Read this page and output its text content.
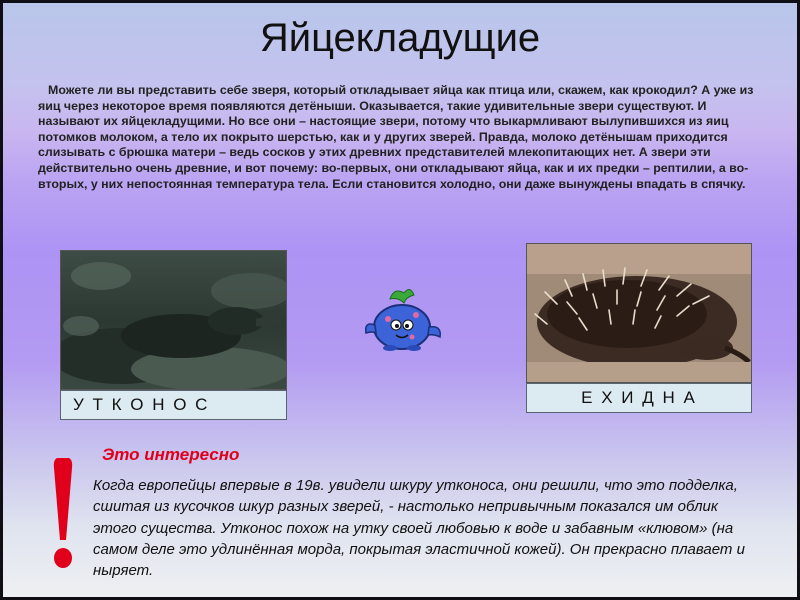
Яйцекладущие

Можете ли вы представить себе зверя, который откладывает яйца как птица или, скажем, как крокодил? А уже из яиц через некоторое время появляются детёныши. Оказывается, такие удивительные звери существуют. И называют их яйцекладущими. Но все они – настоящие звери, потому что выкармливают вылупившихся из яиц потомков молоком, а тело их покрыто шерстью, как и у других зверей. Правда, молоко детёнышам приходится слизывать с брюшка матери – ведь сосков у этих древних представителей млекопитающих нет. А звери эти действительно очень древние, и вот почему: во-первых, они откладывают яйца, как и их предки – рептилии, а во-вторых, у них непостоянная температура тела. Если становится холодно, они даже вынуждены впадать в спячку.

У Т К О Н О С	Е Х И Д Н А
Это интересно

Когда европейцы впервые в 19в. увидели шкуру утконоса, они решили, что это подделка, сшитая из кусочков шкур разных зверей, - настолько непривычным показался им облик этого существа. Утконос похож на утку своей любовью к воде и забавным «клювом» (на самом деле это удлинённая морда, покрытая эластичной кожей). Он прекрасно плавает и ныряет.
